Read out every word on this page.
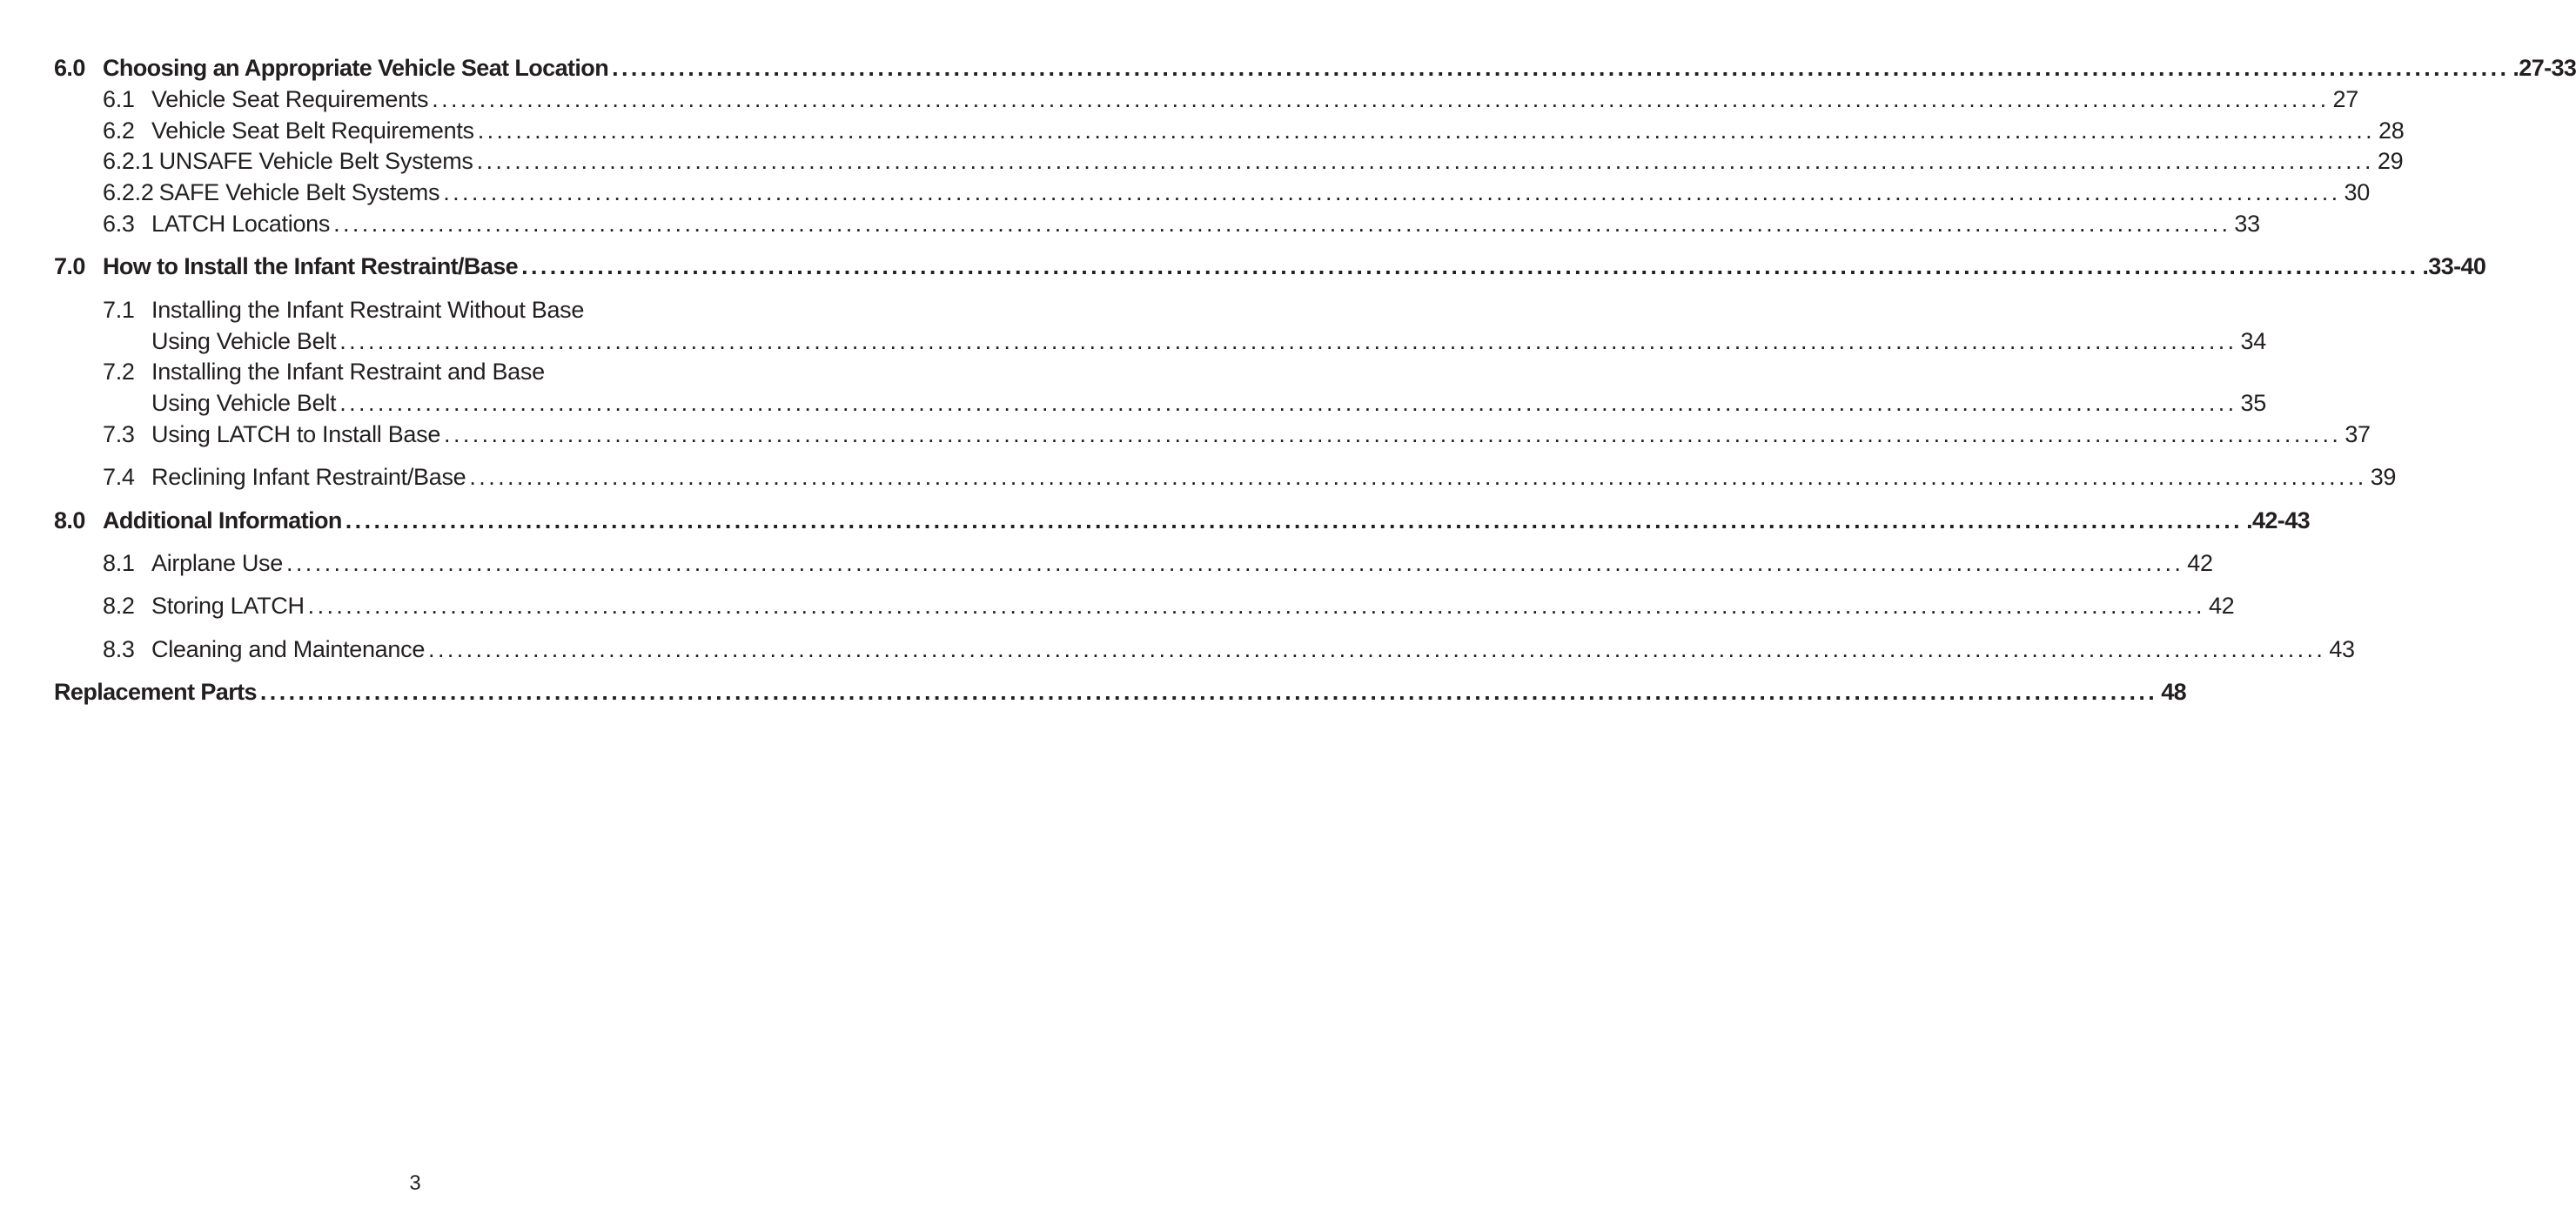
6.0 Choosing an Appropriate Vehicle Seat Location ........................................................................................................................................................................................................ .27-33
6.1 Vehicle Seat Requirements ........................................................................................................................................................................................................ 27
6.2 Vehicle Seat Belt Requirements ........................................................................................................................................................................................................ 28
6.2.1 UNSAFE Vehicle Belt Systems ........................................................................................................................................................................................................ 29
6.2.2 SAFE Vehicle Belt Systems ........................................................................................................................................................................................................ 30
6.3 LATCH Locations ........................................................................................................................................................................................................ 33
7.0 How to Install the Infant Restraint/Base ........................................................................................................................................................................................................ .33-40
7.1 Installing the Infant Restraint Without Base
Using Vehicle Belt ........................................................................................................................................................................................................ 34
7.2 Installing the Infant Restraint and Base
Using Vehicle Belt ........................................................................................................................................................................................................ 35
7.3 Using LATCH to Install Base ........................................................................................................................................................................................................ 37
7.4 Reclining Infant Restraint/Base ........................................................................................................................................................................................................ 39
8.0 Additional Information ........................................................................................................................................................................................................ .42-43
8.1 Airplane Use ........................................................................................................................................................................................................ 42
8.2 Storing LATCH ........................................................................................................................................................................................................ 42
8.3 Cleaning and Maintenance ........................................................................................................................................................................................................ 43
Replacement Parts ........................................................................................................................................................................................................ 48
3
